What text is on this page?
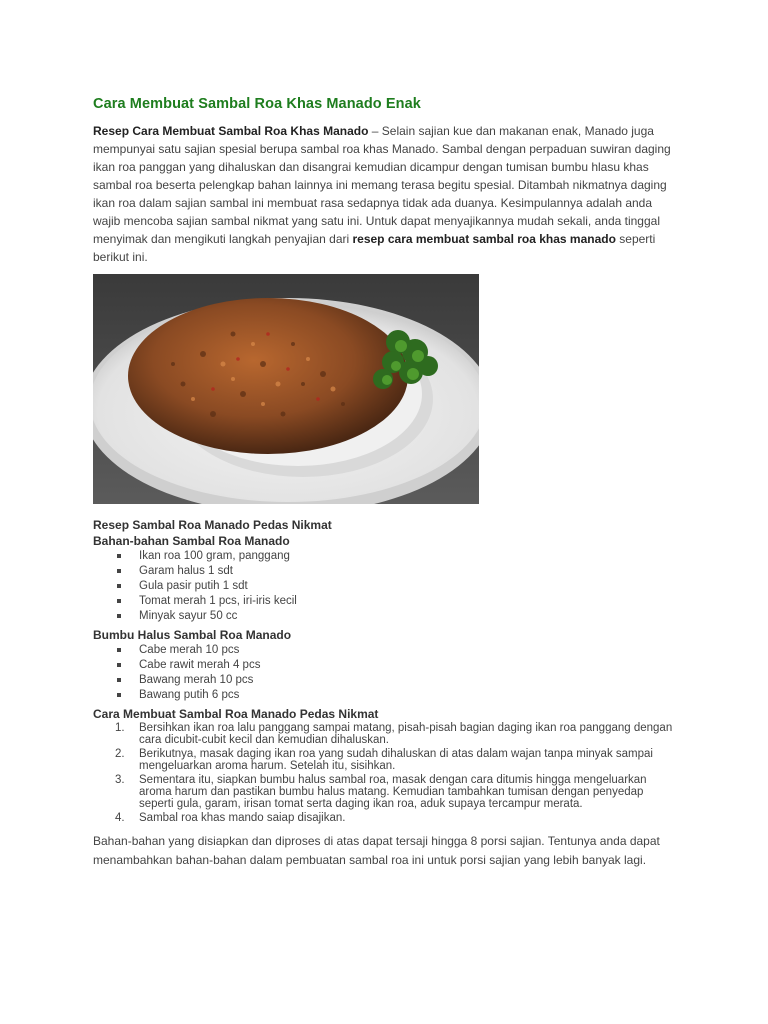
Cara Membuat Sambal Roa Khas Manado Enak

Resep Cara Membuat Sambal Roa Khas Manado – Selain sajian kue dan makanan enak, Manado juga mempunyai satu sajian spesial berupa sambal roa khas Manado. Sambal dengan perpaduan suwiran daging ikan roa panggan yang dihaluskan dan disangrai kemudian dicampur dengan tumisan bumbu hlasu khas sambal roa beserta pelengkap bahan lainnya ini memang terasa begitu spesial. Ditambah nikmatnya daging ikan roa dalam sajian sambal ini membuat rasa sedapnya tidak ada duanya. Kesimpulannya adalah anda wajib mencoba sajian sambal nikmat yang satu ini. Untuk dapat menyajikannya mudah sekali, anda tinggal menyimak dan mengikuti langkah penyajian dari resep cara membuat sambal roa khas manado seperti berikut ini.

Resep Sambal Roa Manado Pedas Nikmat

Bahan-bahan Sambal Roa Manado

Ikan roa 100 gram, panggang
Garam halus 1 sdt
Gula pasir putih 1 sdt
Tomat merah 1 pcs, iri-iris kecil
Minyak sayur 50 cc

Bumbu Halus Sambal Roa Manado

Cabe merah 10 pcs
Cabe rawit merah 4 pcs
Bawang merah 10 pcs
Bawang putih 6 pcs

Cara Membuat Sambal Roa Manado Pedas Nikmat

1. Bersihkan ikan roa lalu panggang sampai matang, pisah-pisah bagian daging ikan roa panggang dengan cara dicubit-cubit kecil dan kemudian dihaluskan.
2. Berikutnya, masak daging ikan roa yang sudah dihaluskan di atas dalam wajan tanpa minyak sampai mengeluarkan aroma harum. Setelah itu, sisihkan.
3. Sementara itu, siapkan bumbu halus sambal roa, masak dengan cara ditumis hingga mengeluarkan aroma harum dan pastikan bumbu halus matang. Kemudian tambahkan tumisan dengan penyedap seperti gula, garam, irisan tomat serta daging ikan roa, aduk supaya tercampur merata.
4. Sambal roa khas mando saiap disajikan.

Bahan-bahan yang disiapkan dan diproses di atas dapat tersaji hingga 8 porsi sajian. Tentunya anda dapat menambahkan bahan-bahan dalam pembuatan sambal roa ini untuk porsi sajian yang lebih banyak lagi.
